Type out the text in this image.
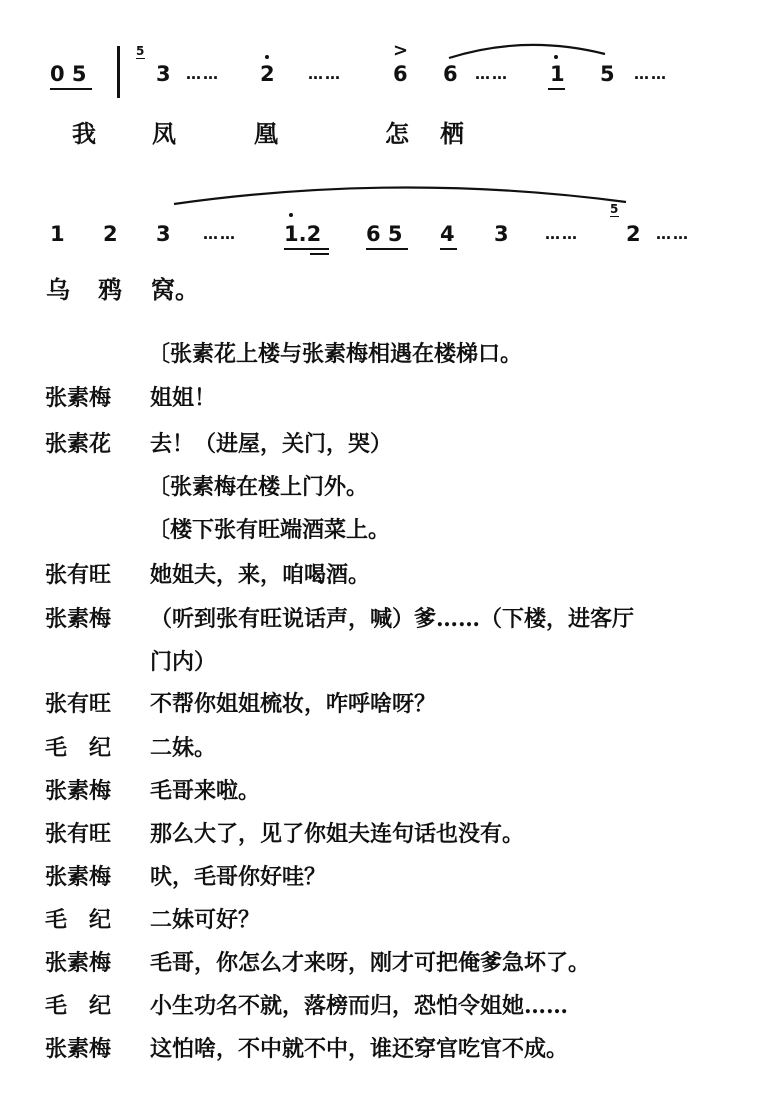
0 5
5
3 …… 2 ……
>
6 6 …… 1 5 ……
我 凤	凰	怎 栖
1 2 3 …… 1.2 6 5 4 3 ……
5
2 ……
乌 鸦 窝。
〔张素花上楼与张素梅相遇在楼梯口。
张素梅 姐姐！
张素花 去！（进屋，关门，哭）
〔张素梅在楼上门外。
〔楼下张有旺端酒菜上。
张有旺 她姐夫，来，咱喝酒。
张素梅 （听到张有旺说话声，喊）爹……（下楼，进客厅
门内）
张有旺 不帮你姐姐梳妆，咋呼啥呀？
毛　纪 二妹。
张素梅 毛哥来啦。
张有旺 那么大了，见了你姐夫连句话也没有。
张素梅 吠，毛哥你好哇？
毛　纪 二妹可好？
张素梅 毛哥，你怎么才来呀，刚才可把俺爹急坏了。
毛　纪 小生功名不就，落榜而归，恐怕令姐她……
张素梅 这怕啥，不中就不中，谁还穿官吃官不成。
